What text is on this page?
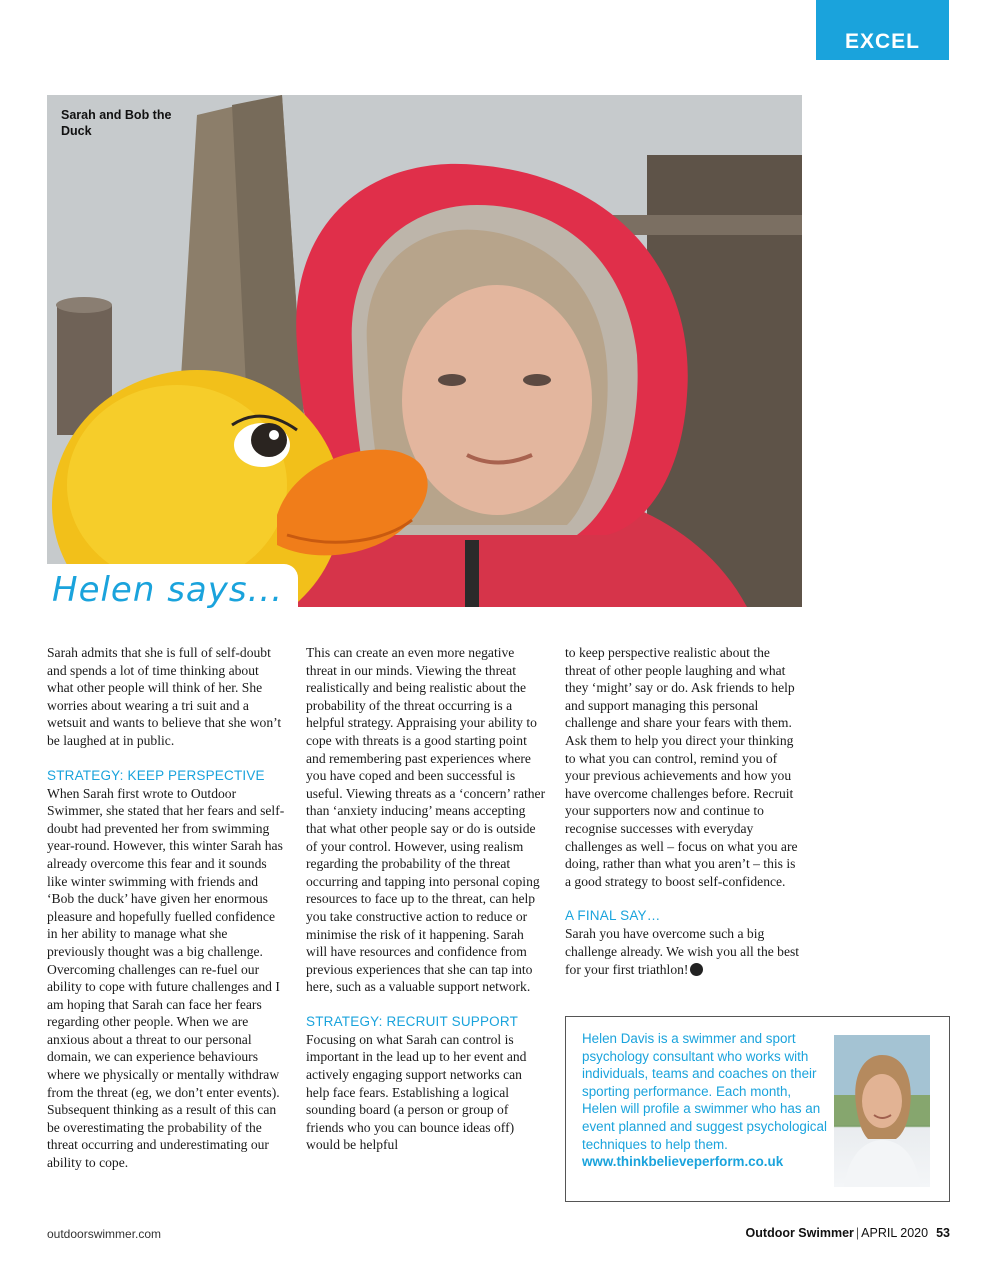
EXCEL
Sarah and Bob the Duck
Helen says...

Sarah admits that she is full of self-doubt and spends a lot of time thinking about what other people will think of her. She worries about wearing a tri suit and a wetsuit and wants to believe that she won’t be laughed at in public.

STRATEGY: KEEP PERSPECTIVE

When Sarah first wrote to Outdoor Swimmer, she stated that her fears and self- doubt had prevented her from swimming year-round. However, this winter Sarah has already overcome this fear and it sounds like winter swimming with friends and ‘Bob the duck’ have given her enormous pleasure and hopefully fuelled confidence in her ability to manage what she previously thought was a big challenge. Overcoming challenges can re-fuel our ability to cope with future challenges and I am hoping that Sarah can face her fears regarding other people. When we are anxious about a threat to our personal domain, we can experience behaviours where we physically or mentally withdraw from the threat (eg, we don’t enter events). Subsequent thinking as a result of this can be overestimating the probability of the threat occurring and underestimating our ability to cope.

This can create an even more negative threat in our minds. Viewing the threat realistically and being realistic about the probability of the threat occurring is a helpful strategy. Appraising your ability to cope with threats is a good starting point and remembering past experiences where you have coped and been successful is useful. Viewing threats as a ‘concern’ rather than ‘anxiety inducing’ means accepting that what other people say or do is outside of your control. However, using realism regarding the probability of the threat occurring and tapping into personal coping resources to face up to the threat, can help you take constructive action to reduce or minimise the risk of it happening. Sarah will have resources and confidence from previous experiences that she can tap into here, such as a valuable support network.

STRATEGY: RECRUIT SUPPORT

Focusing on what Sarah can control is important in the lead up to her event and actively engaging support networks can help face fears. Establishing a logical sounding board (a person or group of friends who you can bounce ideas off) would be helpful

to keep perspective realistic about the threat of other people laughing and what they ‘might’ say or do. Ask friends to help and support managing this personal challenge and share your fears with them. Ask them to help you direct your thinking to what you can control, remind you of your previous achievements and how you have overcome challenges before. Recruit your supporters now and continue to recognise successes with everyday challenges as well – focus on what you are doing, rather than what you aren’t – this is a good strategy to boost self-confidence.

A FINAL SAY…

Sarah you have overcome such a big challenge already. We wish you all the best for your first triathlon!

Helen Davis is a swimmer and sport psychology consultant who works with individuals, teams and coaches on their sporting performance. Each month, Helen will profile a swimmer who has an event planned and suggest psychological techniques to help them.
www.thinkbelieveperform.co.uk
outdoorswimmer.com	Outdoor Swimmer | APRIL 2020 53
